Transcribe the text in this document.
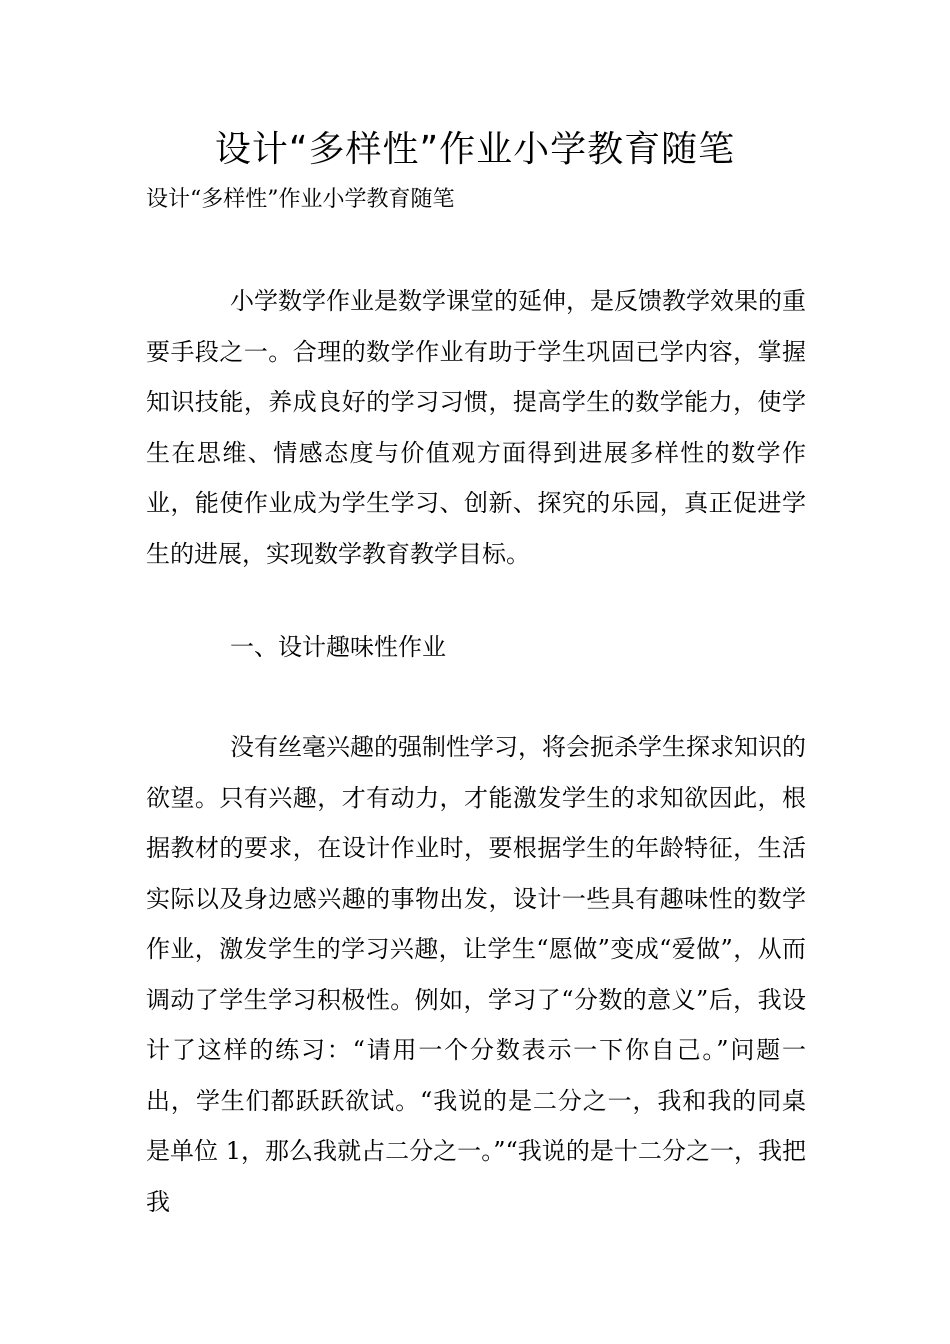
设计“多样性”作业小学教育随笔
设计“多样性”作业小学教育随笔

小学数学作业是数学课堂的延伸，是反馈教学效果的重要手段之一。合理的数学作业有助于学生巩固已学内容，掌握知识技能，养成良好的学习习惯，提高学生的数学能力，使学生在思维、情感态度与价值观方面得到进展多样性的数学作业，能使作业成为学生学习、创新、探究的乐园，真正促进学生的进展，实现数学教育教学目标。

一、设计趣味性作业

没有丝毫兴趣的强制性学习，将会扼杀学生探求知识的欲望。只有兴趣，才有动力，才能激发学生的求知欲因此，根据教材的要求，在设计作业时，要根据学生的年龄特征，生活实际以及身边感兴趣的事物出发，设计一些具有趣味性的数学作业，激发学生的学习兴趣，让学生“愿做”变成“爱做”，从而调动了学生学习积极性。例如，学习了“分数的意义”后，我设计了这样的练习：“请用一个分数表示一下你自己。”问题一出，学生们都跃跃欲试。“我说的是二分之一，我和我的同桌是单位 1，那么我就占二分之一。”“我说的是十二分之一，我把我
